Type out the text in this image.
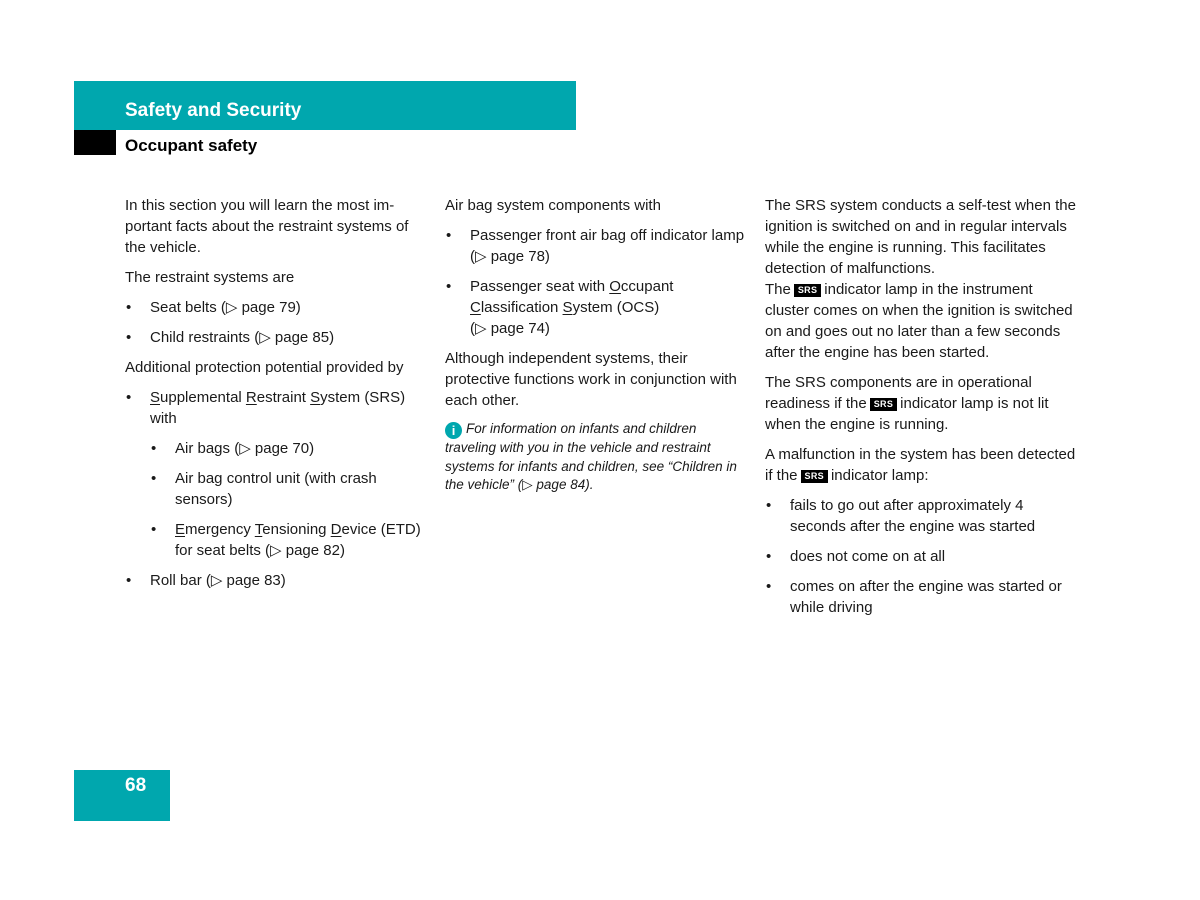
Safety and Security
Occupant safety

In this section you will learn the most im-portant facts about the restraint systems of the vehicle.

The restraint systems are

• Seat belts (▷ page 79)
• Child restraints (▷ page 85)

Additional protection potential provided by

• Supplemental Restraint System (SRS) with
• Air bags (▷ page 70)
• Air bag control unit (with crash sensors)
• Emergency Tensioning Device (ETD) for seat belts (▷ page 82)
• Roll bar (▷ page 83)

Air bag system components with

• Passenger front air bag off indicator lamp (▷ page 78)
• Passenger seat with Occupant Classification System (OCS)
(▷ page 74)

Although independent systems, their protective functions work in conjunction with each other.

i For information on infants and children traveling with you in the vehicle and restraint systems for infants and children, see “Children in the vehicle” (▷ page 84).

The SRS system conducts a self-test when the ignition is switched on and in regular intervals while the engine is running. This facilitates detection of malfunctions.
The SRS indicator lamp in the instrument cluster comes on when the ignition is switched on and goes out no later than a few seconds after the engine has been started.

The SRS components are in operational readiness if the SRS indicator lamp is not lit when the engine is running.

A malfunction in the system has been detected if the SRS indicator lamp:

• fails to go out after approximately 4 seconds after the engine was started
• does not come on at all
• comes on after the engine was started or while driving
68
